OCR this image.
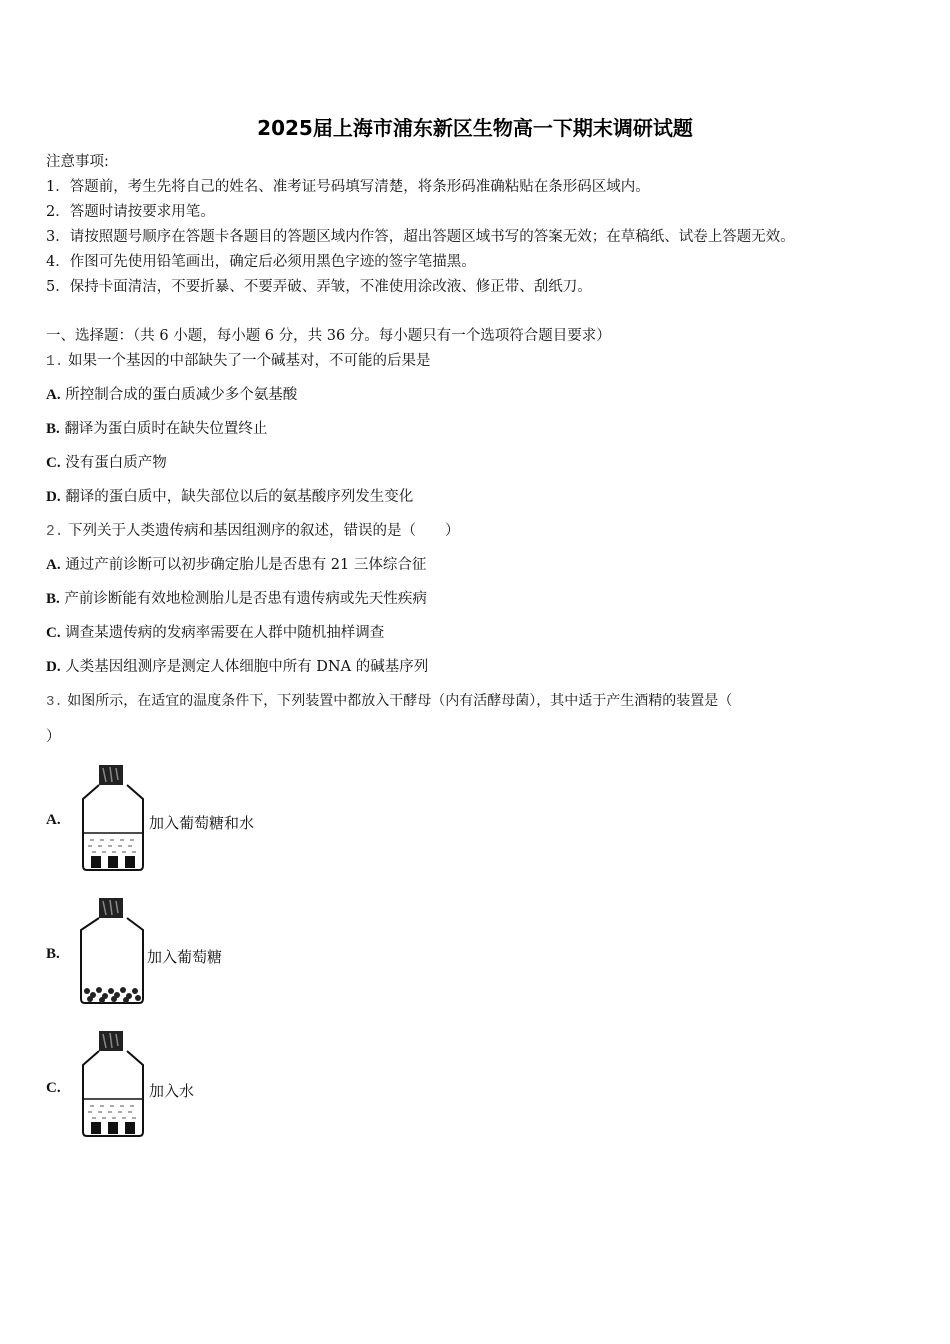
2025届上海市浦东新区生物高一下期末调研试题
注意事项:
1．答题前，考生先将自己的姓名、准考证号码填写清楚，将条形码准确粘贴在条形码区域内。
2．答题时请按要求用笔。
3．请按照题号顺序在答题卡各题目的答题区域内作答，超出答题区域书写的答案无效；在草稿纸、试卷上答题无效。
4．作图可先使用铅笔画出，确定后必须用黑色字迹的签字笔描黑。
5．保持卡面清洁，不要折暴、不要弄破、弄皱，不准使用涂改液、修正带、刮纸刀。
一、选择题：（共 6 小题，每小题 6 分，共 36 分。每小题只有一个选项符合题目要求）
1. 如果一个基因的中部缺失了一个碱基对，不可能的后果是
A. 所控制合成的蛋白质减少多个氨基酸
B. 翻译为蛋白质时在缺失位置终止
C. 没有蛋白质产物
D. 翻译的蛋白质中，缺失部位以后的氨基酸序列发生变化
2. 下列关于人类遗传病和基因组测序的叙述，错误的是（　　）
A. 通过产前诊断可以初步确定胎儿是否患有 21 三体综合征
B. 产前诊断能有效地检测胎儿是否患有遗传病或先天性疾病
C. 调查某遗传病的发病率需要在人群中随机抽样调查
D. 人类基因组测序是测定人体细胞中所有 DNA 的碱基序列
3. 如图所示，在适宜的温度条件下，下列装置中都放入干酵母（内有活酵母菌），其中适于产生酒精的装置是（
）
A.	加入葡萄糖和水
B.	加入葡萄糖
C.	加入水
